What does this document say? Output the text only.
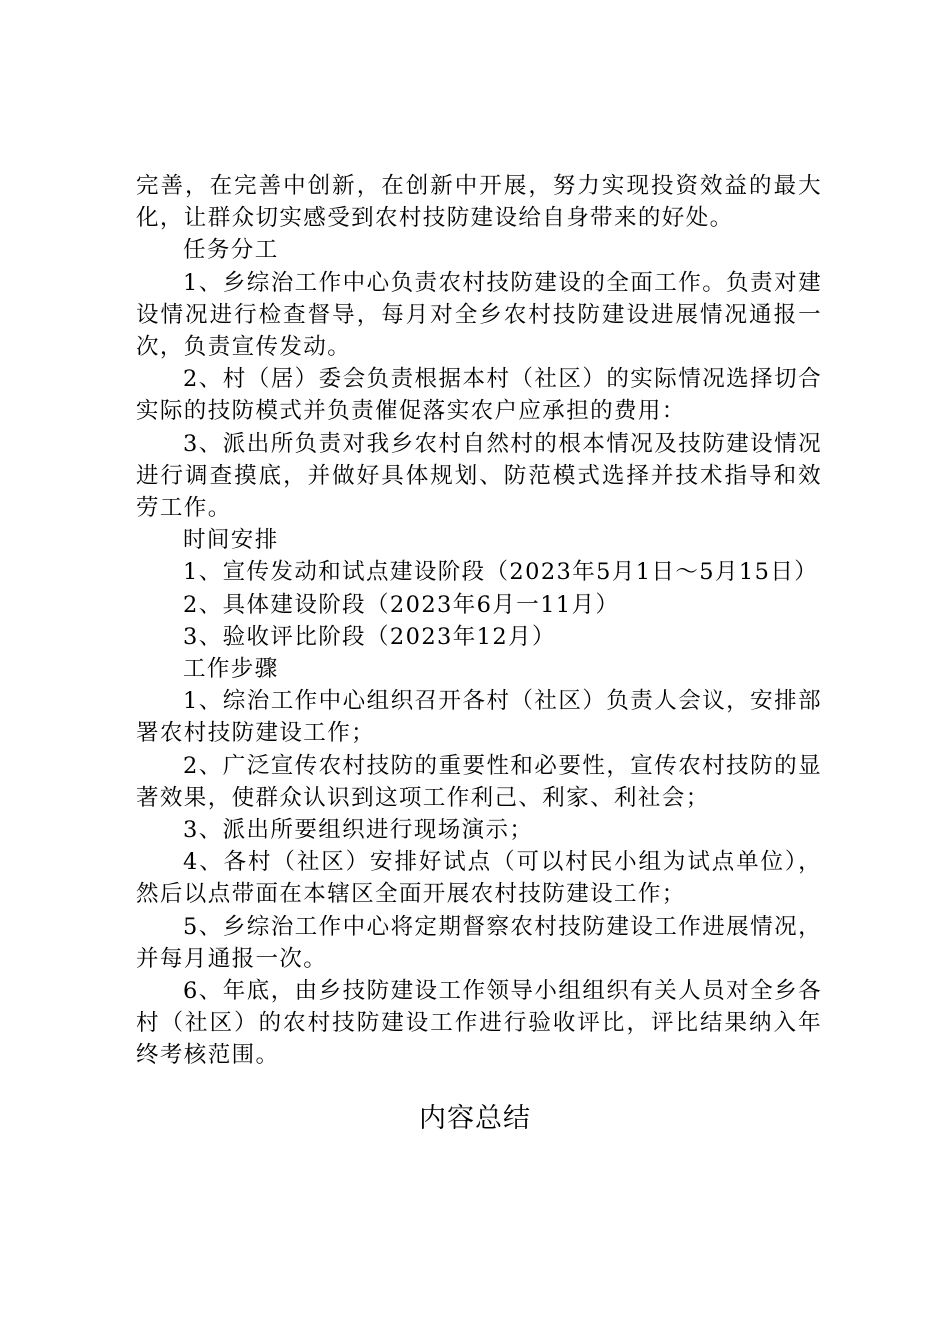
完善，在完善中创新，在创新中开展，努力实现投资效益的最大化，让群众切实感受到农村技防建设给自身带来的好处。

任务分工

1、乡综治工作中心负责农村技防建设的全面工作。负责对建设情况进行检查督导，每月对全乡农村技防建设进展情况通报一次，负责宣传发动。

2、村（居）委会负责根据本村（社区）的实际情况选择切合实际的技防模式并负责催促落实农户应承担的费用：

3、派出所负责对我乡农村自然村的根本情况及技防建设情况进行调查摸底，并做好具体规划、防范模式选择并技术指导和效劳工作。

时间安排

1、宣传发动和试点建设阶段（2023年5月1日～5月15日）

2、具体建设阶段（2023年6月一11月）

3、验收评比阶段（2023年12月）

工作步骤

1、综治工作中心组织召开各村（社区）负责人会议，安排部署农村技防建设工作；

2、广泛宣传农村技防的重要性和必要性，宣传农村技防的显著效果，使群众认识到这项工作利己、利家、利社会；

3、派出所要组织进行现场演示；

4、各村（社区）安排好试点（可以村民小组为试点单位），然后以点带面在本辖区全面开展农村技防建设工作；

5、乡综治工作中心将定期督察农村技防建设工作进展情况，并每月通报一次。

6、年底，由乡技防建设工作领导小组组织有关人员对全乡各村（社区）的农村技防建设工作进行验收评比，评比结果纳入年终考核范围。

内容总结
